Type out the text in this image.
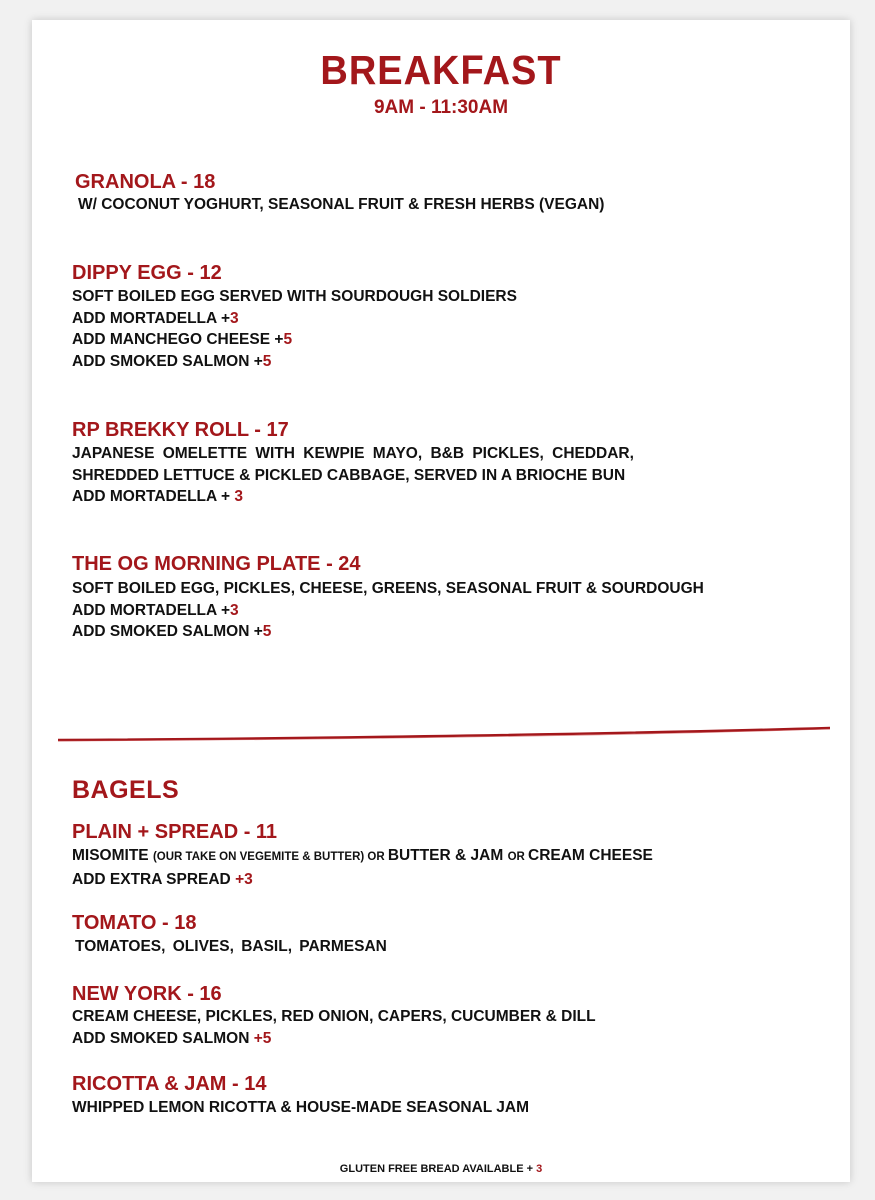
BREAKFAST
9AM - 11:30AM
GRANOLA - 18
W/ COCONUT YOGHURT, SEASONAL FRUIT & FRESH HERBS (VEGAN)
DIPPY EGG - 12
SOFT BOILED EGG SERVED WITH SOURDOUGH SOLDIERS
ADD MORTADELLA +3
ADD MANCHEGO CHEESE +5
ADD SMOKED SALMON +5
RP BREKKY ROLL - 17
JAPANESE OMELETTE WITH KEWPIE MAYO, B&B PICKLES, CHEDDAR,
SHREDDED LETTUCE & PICKLED CABBAGE, SERVED IN A BRIOCHE BUN
ADD MORTADELLA + 3
THE OG MORNING PLATE - 24
SOFT BOILED EGG, PICKLES, CHEESE, GREENS, SEASONAL FRUIT & SOURDOUGH
ADD MORTADELLA +3
ADD SMOKED SALMON +5
BAGELS
PLAIN + SPREAD - 11
MISOMITE (OUR TAKE ON VEGEMITE & BUTTER) OR BUTTER & JAM OR CREAM CHEESE
ADD EXTRA SPREAD +3
TOMATO - 18
TOMATOES, OLIVES, BASIL, PARMESAN
NEW YORK - 16
CREAM CHEESE, PICKLES, RED ONION, CAPERS, CUCUMBER & DILL
ADD SMOKED SALMON +5
RICOTTA & JAM - 14
WHIPPED LEMON RICOTTA & HOUSE-MADE SEASONAL JAM
GLUTEN FREE BREAD AVAILABLE + 3
